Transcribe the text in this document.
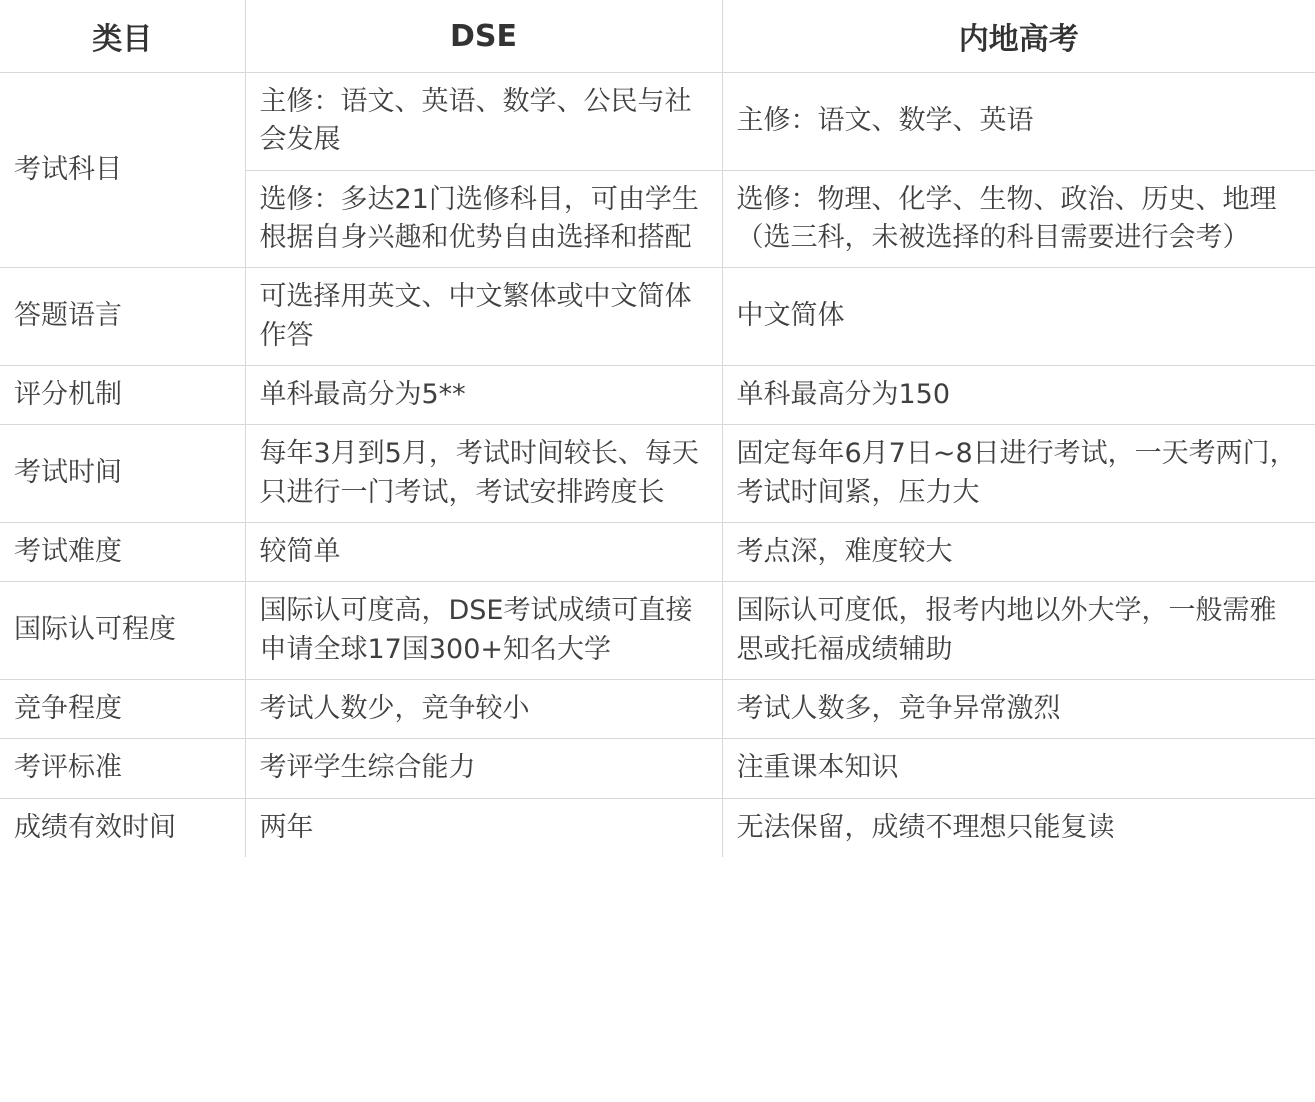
类目	DSE	内地高考
考试科目	主修：语文、英语、数学、公民与社会发展	主修：语文、数学、英语
	选修：多达21门选修科目，可由学生根据自身兴趣和优势自由选择和搭配	选修：物理、化学、生物、政治、历史、地理（选三科，未被选择的科目需要进行会考）
答题语言	可选择用英文、中文繁体或中文简体作答	中文简体
评分机制	单科最高分为5**	单科最高分为150
考试时间	每年3月到5月，考试时间较长、每天只进行一门考试，考试安排跨度长	固定每年6月7日~8日进行考试，一天考两门，考试时间紧，压力大
考试难度	较简单	考点深，难度较大
国际认可程度	国际认可度高，DSE考试成绩可直接申请全球17国300+知名大学	国际认可度低，报考内地以外大学，一般需雅思或托福成绩辅助
竞争程度	考试人数少，竞争较小	考试人数多，竞争异常激烈
考评标准	考评学生综合能力	注重课本知识
成绩有效时间	两年	无法保留，成绩不理想只能复读
